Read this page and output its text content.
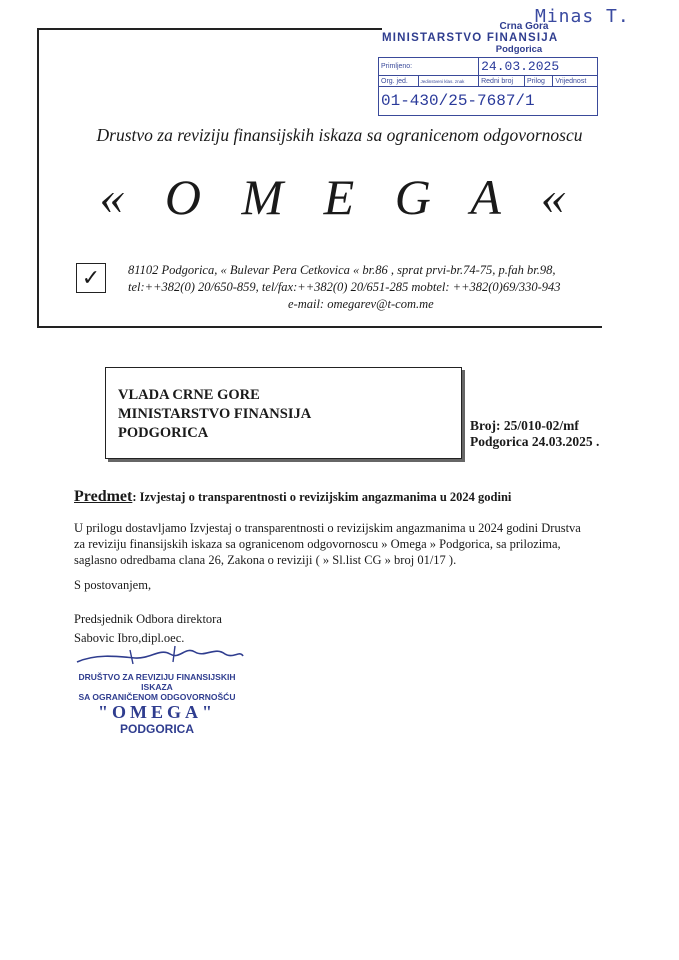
Minas T.
Crna Gora
MINISTARSTVO FINANSIJA
Podgorica
Primljeno:		24.03.2025		
Org. jed.	Jedinstveni klas. znak	Redni broj	Prilog	Vrijednost
01-430/25-7687/1				
Drustvo za reviziju finansijskih iskaza sa ogranicenom odgovornoscu
« O M E G A «
✓	81102 Podgorica, « Bulevar Pera Cetkovica « br.86 , sprat prvi-br.74-75, p.fah br.98,
tel:++382(0) 20/650-859, tel/fax:++382(0) 20/651-285 mobtel: ++382(0)69/330-943
e-mail: omegarev@t-com.me
VLADA CRNE GORE
MINISTARSTVO FINANSIJA
PODGORICA	Broj: 25/010-02/mf
Podgorica 24.03.2025 .
Predmet: Izvjestaj o transparentnosti o revizijskim angazmanima u 2024 godini
U prilogu dostavljamo Izvjestaj o transparentnosti o revizijskim angazmanima u 2024 godini Drustva
za reviziju finansijskih iskaza sa ogranicenom odgovornoscu » Omega » Podgorica, sa prilozima,
saglasno odredbama clana 26, Zakona o reviziji ( » Sl.list CG » broj 01/17 ).
S postovanjem,
Predsjednik Odbora direktora
Sabovic Ibro,dipl.oec.
DRUŠTVO ZA REVIZIJU FINANSIJSKIH ISKAZA
SA OGRANIČENOM ODGOVORNOŠĆU
"OMEGA"
PODGORICA
